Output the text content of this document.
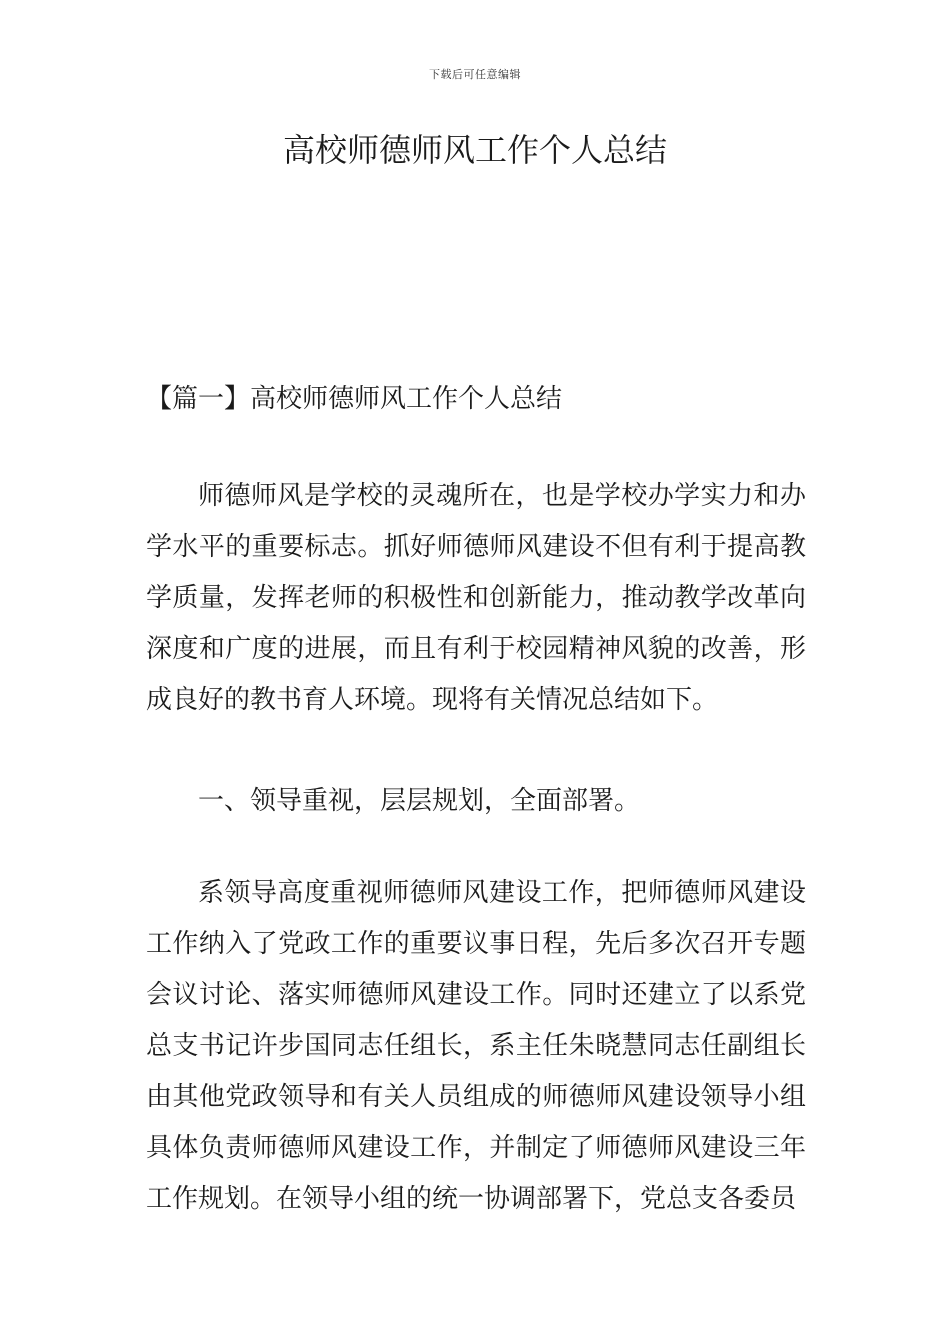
下载后可任意编辑
高校师德师风工作个人总结
【篇一】高校师德师风工作个人总结

师德师风是学校的灵魂所在，也是学校办学实力和办学水平的重要标志。抓好师德师风建设不但有利于提高教学质量，发挥老师的积极性和创新能力，推动教学改革向深度和广度的进展，而且有利于校园精神风貌的改善，形成良好的教书育人环境。现将有关情况总结如下。

一、领导重视，层层规划，全面部署。

系领导高度重视师德师风建设工作，把师德师风建设工作纳入了党政工作的重要议事日程，先后多次召开专题会议讨论、落实师德师风建设工作。同时还建立了以系党总支书记许步国同志任组长，系主任朱晓慧同志任副组长由其他党政领导和有关人员组成的师德师风建设领导小组具体负责师德师风建设工作，并制定了师德师风建设三年工作规划。在领导小组的统一协调部署下，党总支各委员
